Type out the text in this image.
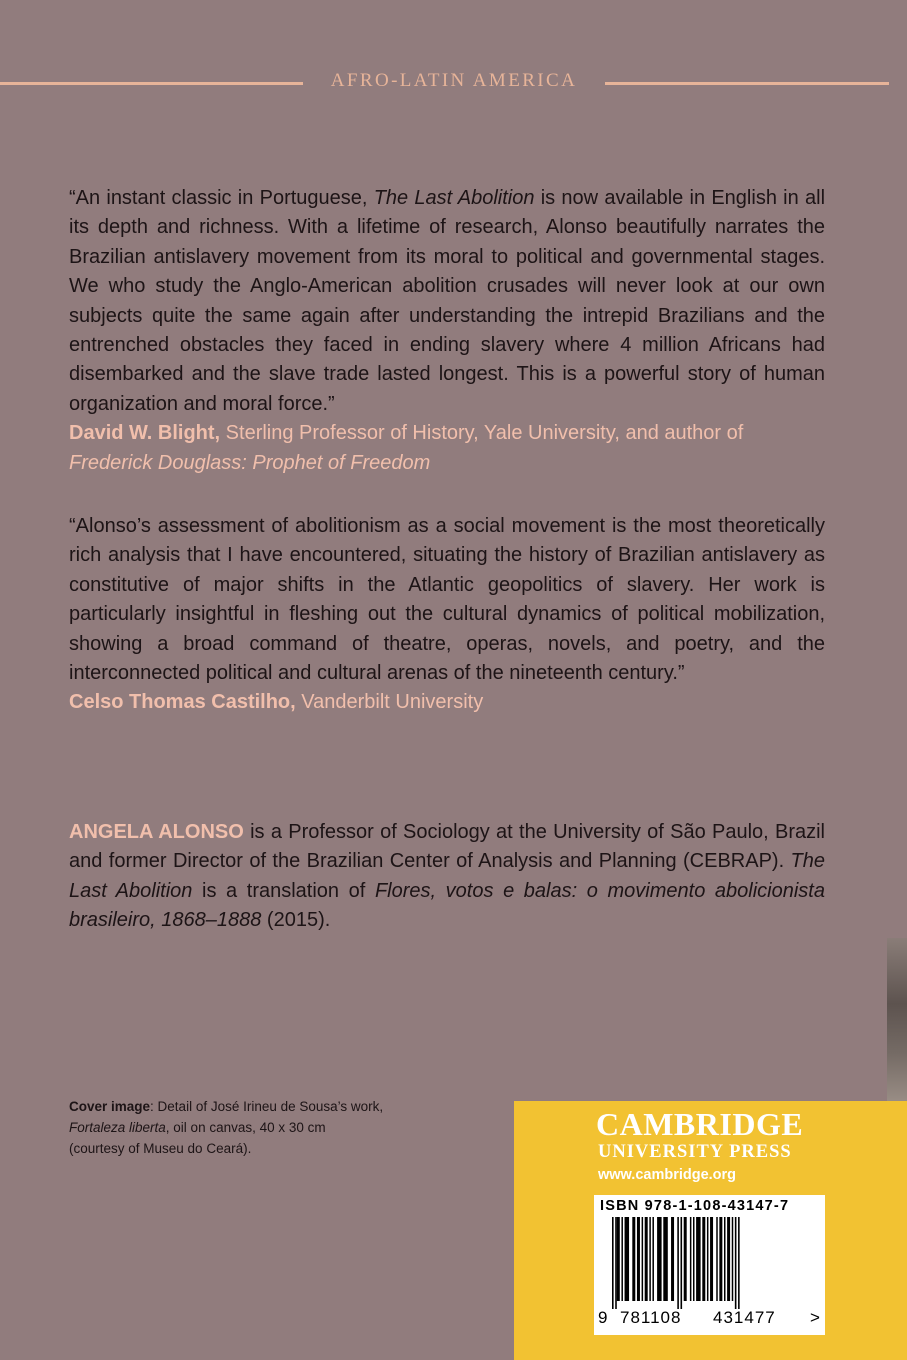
AFRO-LATIN AMERICA

“An instant classic in Portuguese, The Last Abolition is now available in English in all its depth and richness. With a lifetime of research, Alonso beautifully narrates the Brazilian antislavery movement from its moral to political and governmental stages. We who study the Anglo-American abolition crusades will never look at our own subjects quite the same again after understanding the intrepid Brazilians and the entrenched obstacles they faced in ending slavery where 4 million Africans had disembarked and the slave trade lasted longest. This is a powerful story of human organization and moral force.”

David W. Blight, Sterling Professor of History, Yale University, and author of
Frederick Douglass: Prophet of Freedom

“Alonso’s assessment of abolitionism as a social movement is the most theoretically rich analysis that I have encountered, situating the history of Brazilian antislavery as constitutive of major shifts in the Atlantic geopolitics of slavery. Her work is particularly insightful in fleshing out the cultural dynamics of political mobilization, showing a broad command of theatre, operas, novels, and poetry, and the interconnected political and cultural arenas of the nineteenth century.”

Celso Thomas Castilho, Vanderbilt University

ANGELA ALONSO is a Professor of Sociology at the University of São Paulo, Brazil and former Director of the Brazilian Center of Analysis and Planning (CEBRAP). The Last Abolition is a translation of Flores, votos e balas: o movimento abolicionista brasileiro, 1868–1888 (2015).
Cover image: Detail of José Irineu de Sousa’s work,
Fortaleza liberta, oil on canvas, 40 x 30 cm
(courtesy of Museu do Ceará).
CAMBRIDGE
UNIVERSITY PRESS
www.cambridge.org
ISBN 978-1-108-43147-7
9 781108 431477 >
